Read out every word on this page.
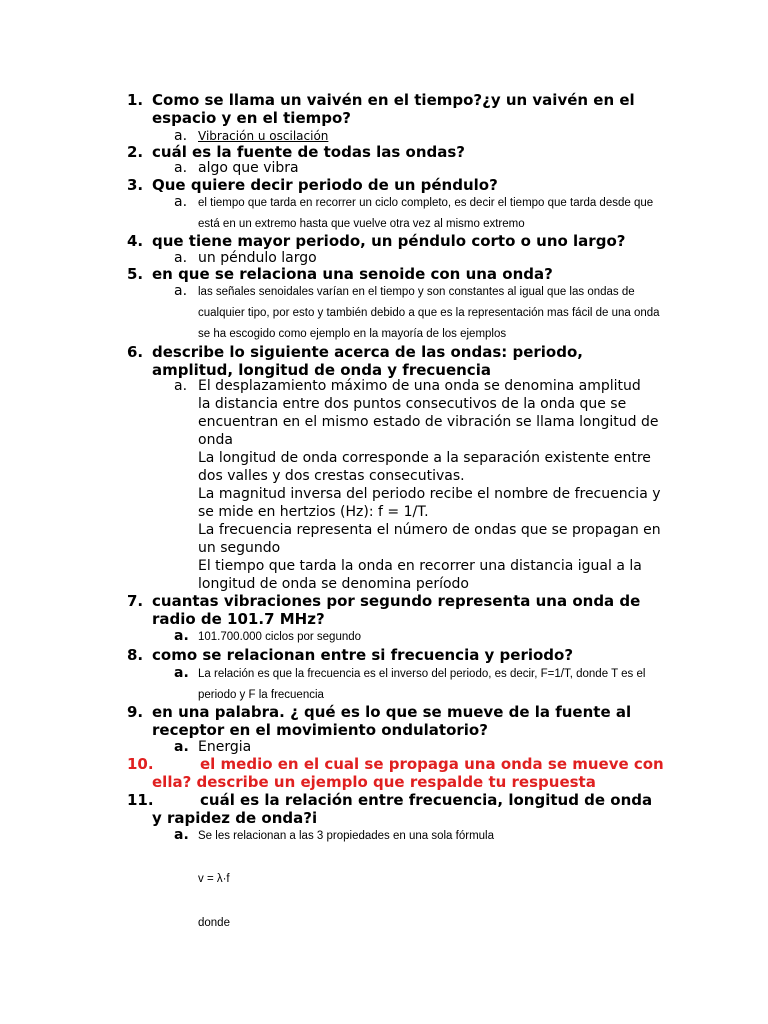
1. Como se llama un vaivén en el tiempo?¿y un vaivén en el espacio y en el tiempo?
a. Vibración u oscilación
2. cuál es la fuente de todas las ondas?
a. algo que vibra
3. Que quiere decir periodo de un péndulo?
a. el tiempo que tarda en recorrer un ciclo completo, es decir el tiempo que tarda desde que está en un extremo hasta que vuelve otra vez al mismo extremo
4. que tiene mayor periodo, un péndulo corto o uno largo?
a. un péndulo largo
5. en que se relaciona una senoide con una onda?
a. las señales senoidales varían en el tiempo y son constantes al igual que las ondas de cualquier tipo, por esto y también debido a que es la representación mas fácil de una onda se ha escogido como ejemplo en la mayoría de los ejemplos
6. describe lo siguiente acerca de las ondas: periodo, amplitud, longitud de onda y frecuencia
a. El desplazamiento máximo de una onda se denomina amplitud
la distancia entre dos puntos consecutivos de la onda que se encuentran en el mismo estado de vibración se llama longitud de onda
La longitud de onda corresponde a la separación existente entre dos valles y dos crestas consecutivas.
La magnitud inversa del periodo recibe el nombre de frecuencia y se mide en hertzios (Hz): f = 1/T.
La frecuencia representa el número de ondas que se propagan en un segundo
El tiempo que tarda la onda en recorrer una distancia igual a la longitud de onda se denomina período
7. cuantas vibraciones por segundo representa una onda de radio de 101.7 MHz?
a. 101.700.000 ciclos por segundo
8. como se relacionan entre si frecuencia y periodo?
a. La relación es que la frecuencia es el inverso del periodo, es decir, F=1/T, donde T es el periodo y F la frecuencia
9. en una palabra. ¿ qué es lo que se mueve de la fuente al receptor en el movimiento ondulatorio?
a. Energia
10.	el medio en el cual se propaga una onda se mueve con ella? describe un ejemplo que respalde tu respuesta
11.	cuál es la relación entre frecuencia, longitud de onda y rapidez de onda?i
a. Se les relacionan a las 3 propiedades en una sola fórmula
v = λ·f
donde
